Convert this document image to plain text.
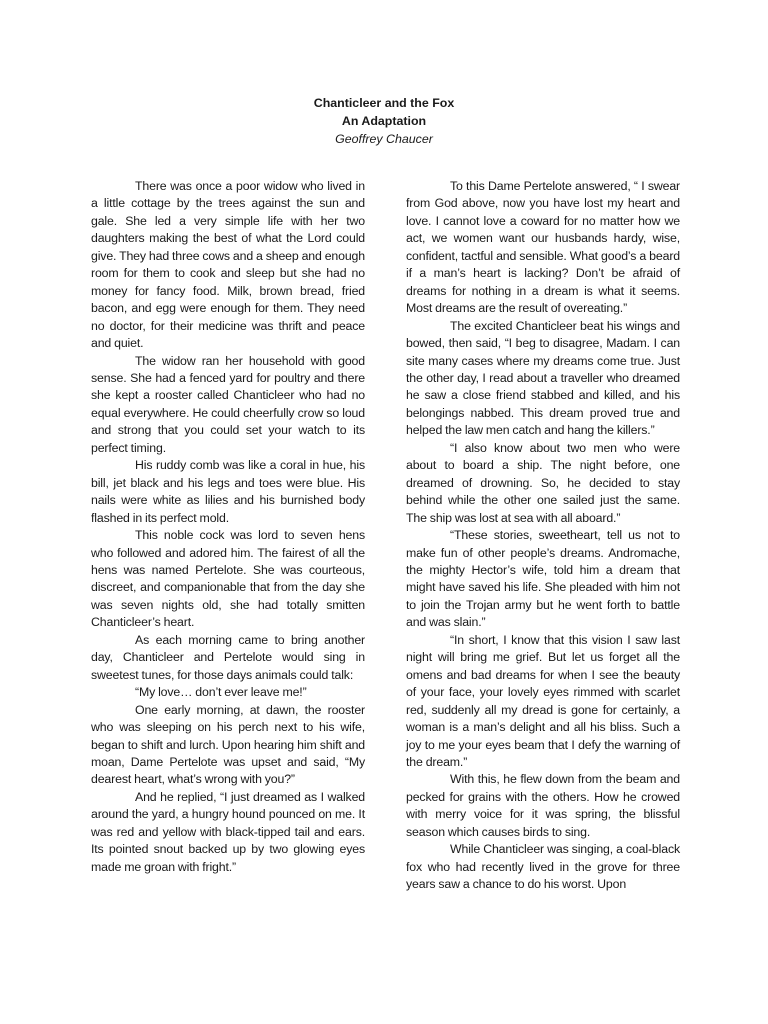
Chanticleer and the Fox
An Adaptation
Geoffrey Chaucer

There was once a poor widow who lived in a little cottage by the trees against the sun and gale. She led a very simple life with her two daughters making the best of what the Lord could give. They had three cows and a sheep and enough room for them to cook and sleep but she had no money for fancy food. Milk, brown bread, fried bacon, and egg were enough for them. They need no doctor, for their medicine was thrift and peace and quiet.

The widow ran her household with good sense. She had a fenced yard for poultry and there she kept a rooster called Chanticleer who had no equal everywhere. He could cheerfully crow so loud and strong that you could set your watch to its perfect timing.

His ruddy comb was like a coral in hue, his bill, jet black and his legs and toes were blue. His nails were white as lilies and his burnished body flashed in its perfect mold.

This noble cock was lord to seven hens who followed and adored him. The fairest of all the hens was named Pertelote. She was courteous, discreet, and companionable that from the day she was seven nights old, she had totally smitten Chanticleer’s heart.

As each morning came to bring another day, Chanticleer and Pertelote would sing in sweetest tunes, for those days animals could talk:

“My love… don’t ever leave me!”

One early morning, at dawn, the rooster who was sleeping on his perch next to his wife, began to shift and lurch. Upon hearing him shift and moan, Dame Pertelote was upset and said, “My dearest heart, what’s wrong with you?”

And he replied, “I just dreamed as I walked around the yard, a hungry hound pounced on me. It was red and yellow with black-tipped tail and ears. Its pointed snout backed up by two glowing eyes made me groan with fright.”

To this Dame Pertelote answered, “ I swear from God above, now you have lost my heart and love. I cannot love a coward for no matter how we act, we women want our husbands hardy, wise, confident, tactful and sensible. What good’s a beard if a man’s heart is lacking? Don’t be afraid of dreams for nothing in a dream is what it seems. Most dreams are the result of overeating.”

The excited Chanticleer beat his wings and bowed, then said, “I beg to disagree, Madam. I can site many cases where my dreams come true. Just the other day, I read about a traveller who dreamed he saw a close friend stabbed and killed, and his belongings nabbed. This dream proved true and helped the law men catch and hang the killers.”

“I also know about two men who were about to board a ship. The night before, one dreamed of drowning. So, he decided to stay behind while the other one sailed just the same. The ship was lost at sea with all aboard.”

“These stories, sweetheart, tell us not to make fun of other people’s dreams. Andromache, the mighty Hector’s wife, told him a dream that might have saved his life. She pleaded with him not to join the Trojan army but he went forth to battle and was slain.”

“In short, I know that this vision I saw last night will bring me grief. But let us forget all the omens and bad dreams for when I see the beauty of your face, your lovely eyes rimmed with scarlet red, suddenly all my dread is gone for certainly, a woman is a man’s delight and all his bliss. Such a joy to me your eyes beam that I defy the warning of the dream.”

With this, he flew down from the beam and pecked for grains with the others. How he crowed with merry voice for it was spring, the blissful season which causes birds to sing.

While Chanticleer was singing, a coal-black fox who had recently lived in the grove for three years saw a chance to do his worst. Upon
